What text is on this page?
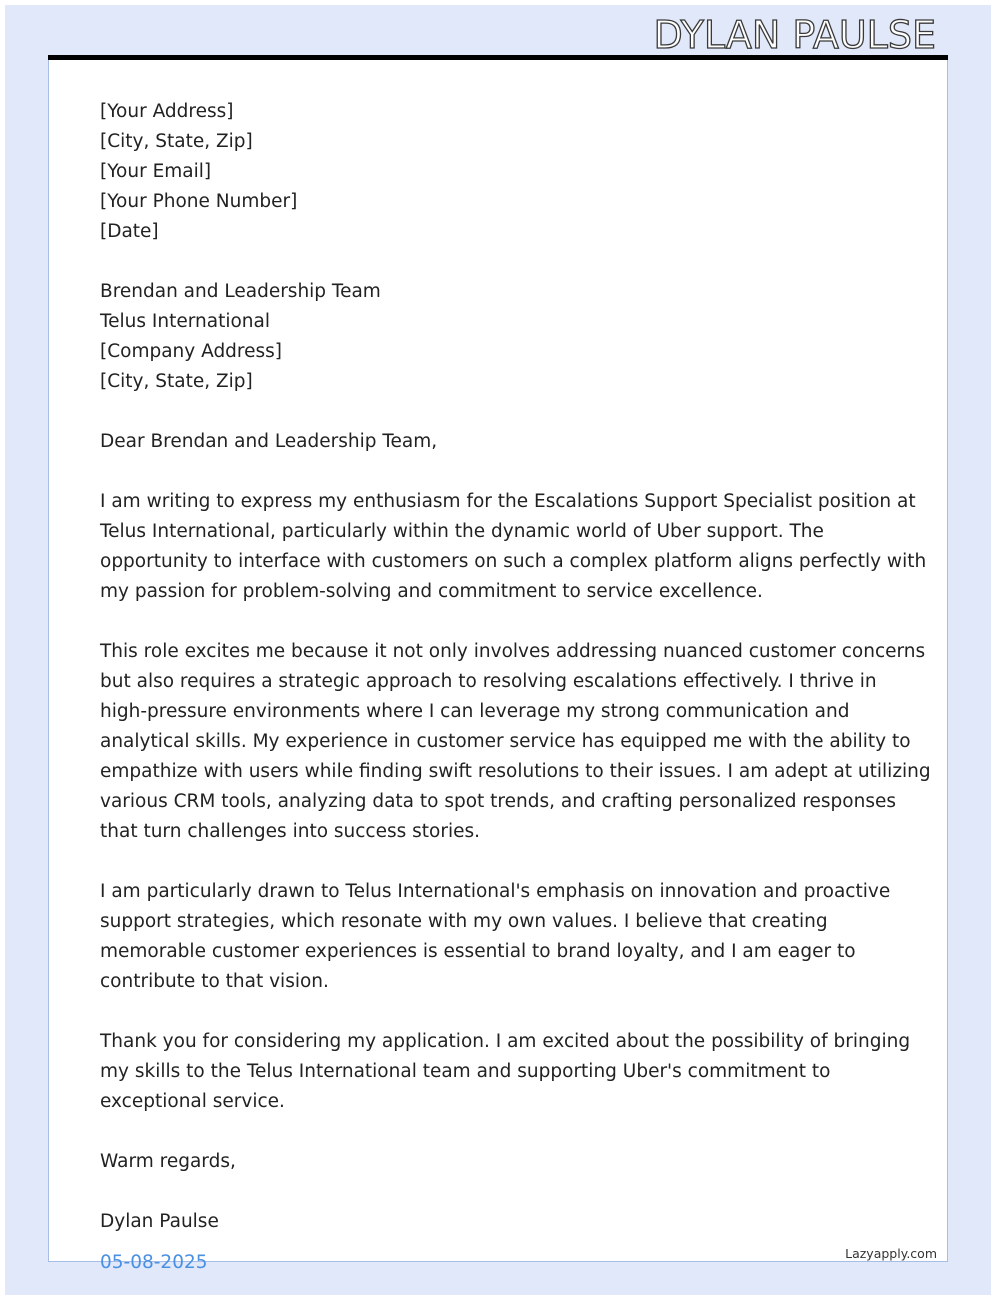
DYLAN PAULSE
[Your Address]
[City, State, Zip]
[Your Email]
[Your Phone Number]
[Date]
Brendan and Leadership Team
Telus International
[Company Address]
[City, State, Zip]
Dear Brendan and Leadership Team,

I am writing to express my enthusiasm for the Escalations Support Specialist position at
Telus International, particularly within the dynamic world of Uber support. The
opportunity to interface with customers on such a complex platform aligns perfectly with
my passion for problem-solving and commitment to service excellence.

This role excites me because it not only involves addressing nuanced customer concerns
but also requires a strategic approach to resolving escalations effectively. I thrive in
high-pressure environments where I can leverage my strong communication and
analytical skills. My experience in customer service has equipped me with the ability to
empathize with users while finding swift resolutions to their issues. I am adept at utilizing
various CRM tools, analyzing data to spot trends, and crafting personalized responses
that turn challenges into success stories.

I am particularly drawn to Telus International's emphasis on innovation and proactive
support strategies, which resonate with my own values. I believe that creating
memorable customer experiences is essential to brand loyalty, and I am eager to
contribute to that vision.

Thank you for considering my application. I am excited about the possibility of bringing
my skills to the Telus International team and supporting Uber's commitment to
exceptional service.

Warm regards,
Dylan Paulse
05-08-2025	Lazyapply.com
